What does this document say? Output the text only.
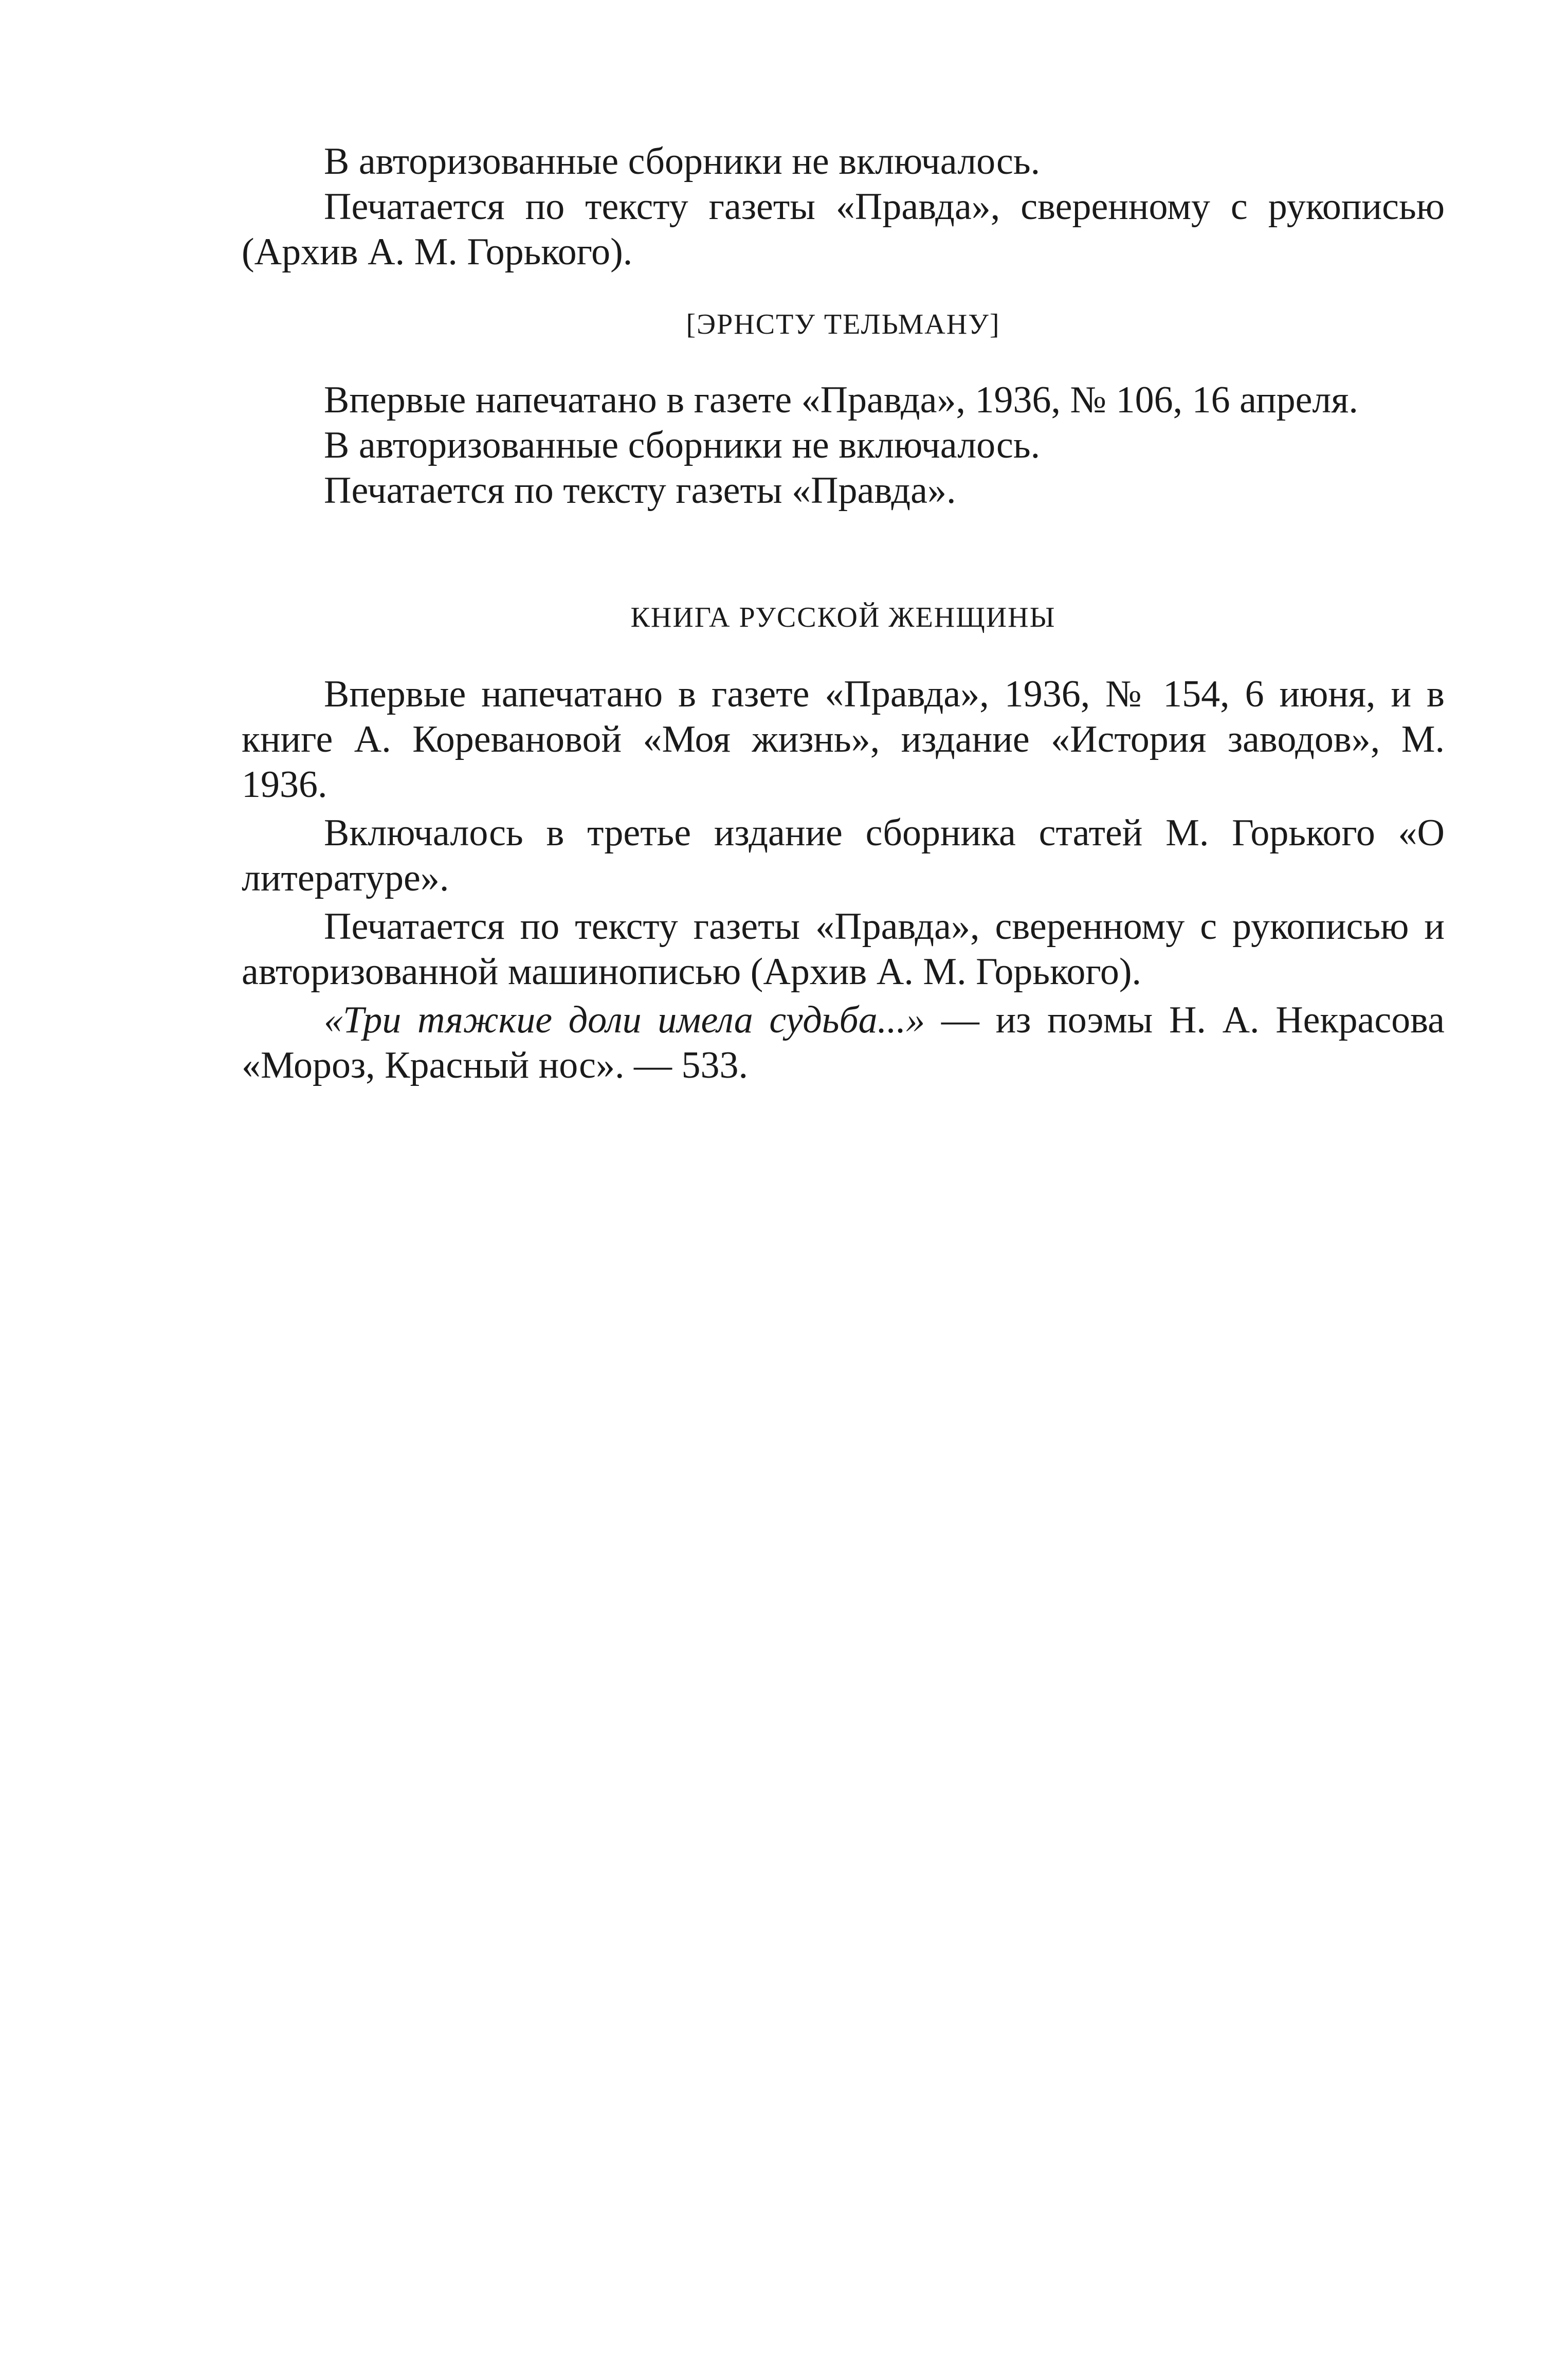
В авторизованные сборники не включалось.

Печатается по тексту газеты «Правда», сверенному с рукописью (Архив А. М. Горького).

[ЭРНСТУ ТЕЛЬМАНУ]

Впервые напечатано в газете «Правда», 1936, № 106, 16 апреля.

В авторизованные сборники не включалось.

Печатается по тексту газеты «Правда».

КНИГА РУССКОЙ ЖЕНЩИНЫ

Впервые напечатано в газете «Правда», 1936, № 154, 6 июня, и в книге А. Кореванoвой «Моя жизнь», издание «История заводов», М. 1936.

Включалось в третье издание сборника статей М. Горького «О литературе».

Печатается по тексту газеты «Правда», сверенному с рукописью и авторизованной машинописью (Архив А. М. Горького).

«Три тяжкие доли имела судьба...» — из поэмы Н. А. Некрасова «Мороз, Красный нос». — 533.
